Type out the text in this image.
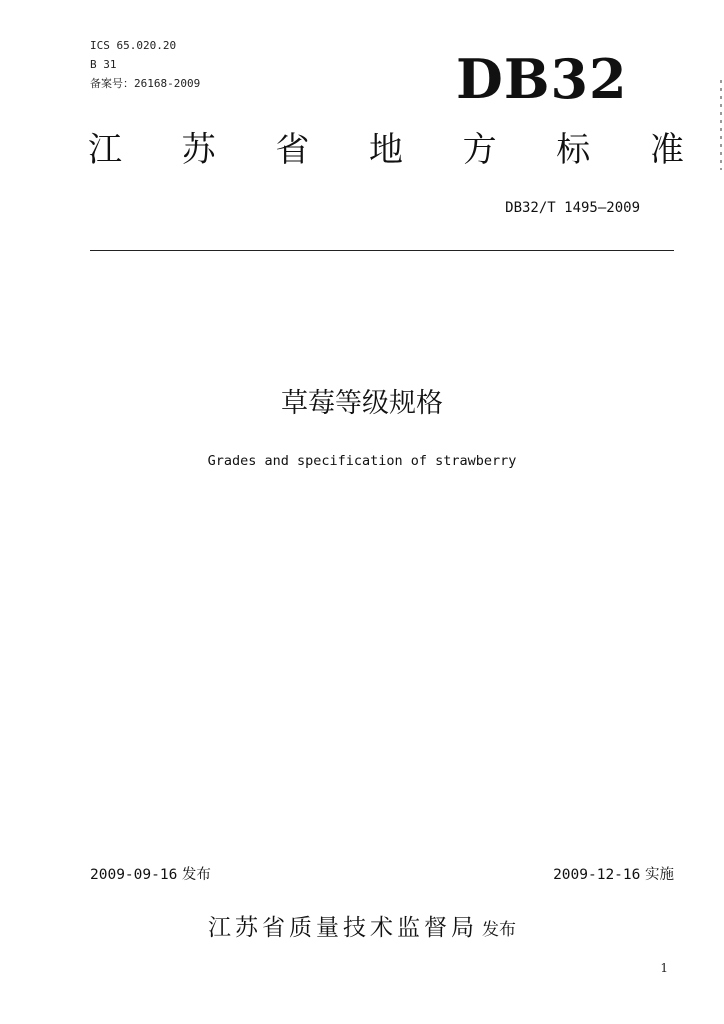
ICS 65.020.20
B 31
备案号：26168-2009	DB32
江 苏 省 地 方 标 准
DB32/T 1495—2009
草莓等级规格
Grades and specification of strawberry
2009-09-16 发布	2009-12-16 实施
江苏省质量技术监督局 发布
1
